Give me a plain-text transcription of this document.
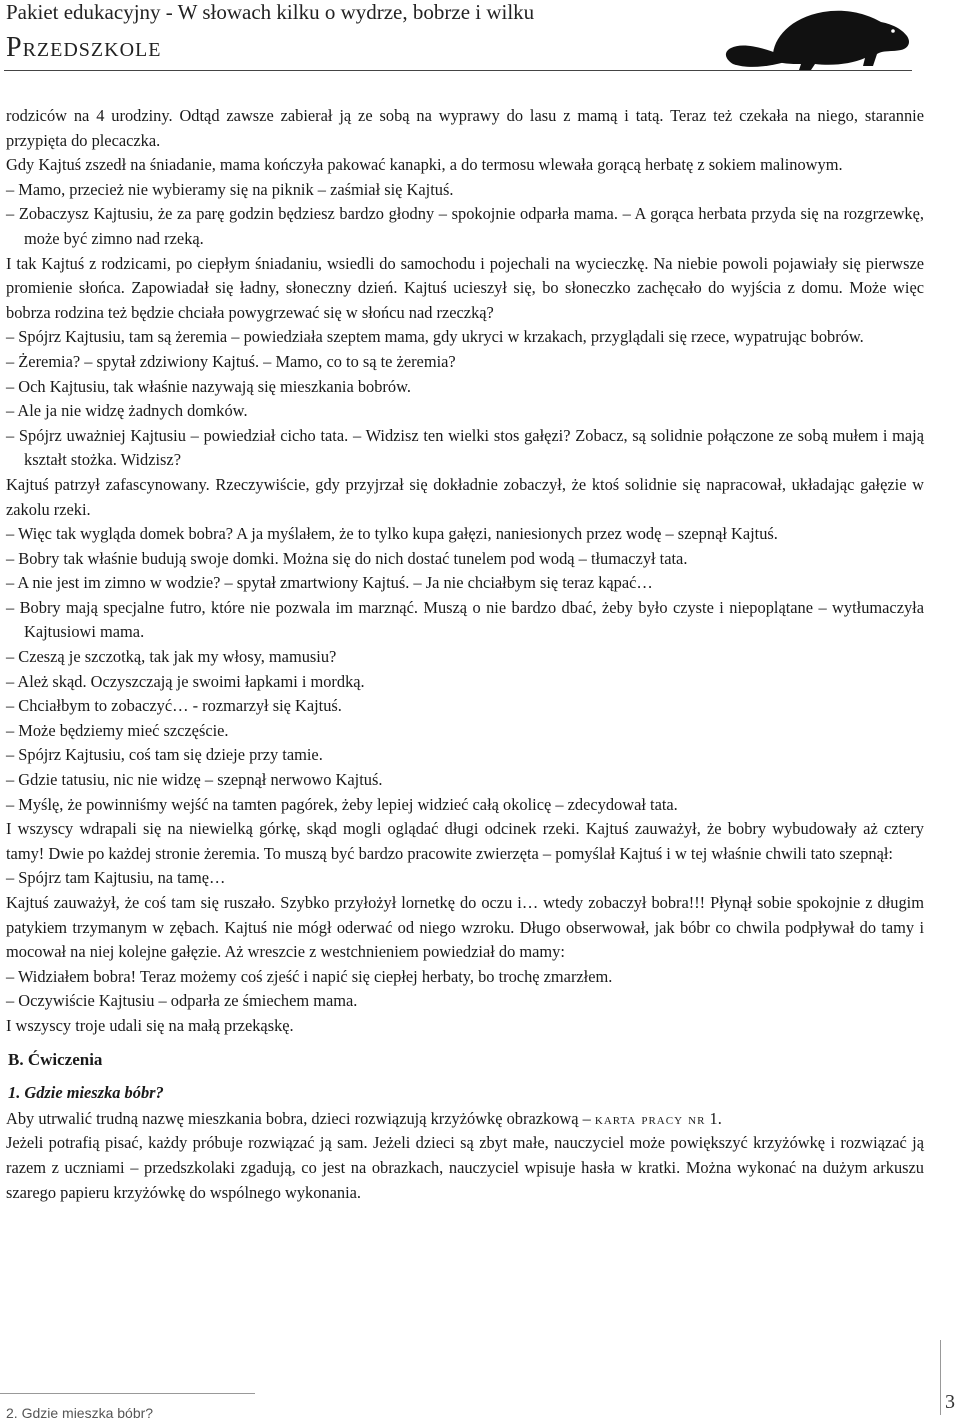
Pakiet edukacyjny - W słowach kilku o wydrze, bobrze i wilku
Przedszkole

rodziców na 4 urodziny. Odtąd zawsze zabierał ją ze sobą na wyprawy do lasu z mamą i tatą. Teraz też czekała na niego, starannie przypięta do plecaczka.

Gdy Kajtuś zszedł na śniadanie, mama kończyła pakować kanapki, a do termosu wlewała gorącą herbatę z sokiem malinowym.

– Mamo, przecież nie wybieramy się na piknik – zaśmiał się Kajtuś.

– Zobaczysz Kajtusiu, że za parę godzin będziesz bardzo głodny – spokojnie odparła mama. – A gorąca herbata przyda się na rozgrzewkę, może być zimno nad rzeką.

I tak Kajtuś z rodzicami, po ciepłym śniadaniu, wsiedli do samochodu i pojechali na wycieczkę. Na niebie powoli pojawiały się pierwsze promienie słońca. Zapowiadał się ładny, słoneczny dzień. Kajtuś ucieszył się, bo słoneczko zachęcało do wyjścia z domu. Może więc bobrza rodzina też będzie chciała powygrzewać się w słońcu nad rzeczką?

– Spójrz Kajtusiu, tam są żeremia – powiedziała szeptem mama, gdy ukryci w krzakach, przyglądali się rzece, wypatrując bobrów.

– Żeremia? – spytał zdziwiony Kajtuś. – Mamo, co to są te żeremia?

– Och Kajtusiu, tak właśnie nazywają się mieszkania bobrów.

– Ale ja nie widzę żadnych domków.

– Spójrz uważniej Kajtusiu – powiedział cicho tata. – Widzisz ten wielki stos gałęzi? Zobacz, są solidnie połączone ze sobą mułem i mają kształt stożka. Widzisz?

Kajtuś patrzył zafascynowany. Rzeczywiście, gdy przyjrzał się dokładnie zobaczył, że ktoś solidnie się napracował, układając gałęzie w zakolu rzeki.

– Więc tak wygląda domek bobra? A ja myślałem, że to tylko kupa gałęzi, naniesionych przez wodę – szepnął Kajtuś.

– Bobry tak właśnie budują swoje domki. Można się do nich dostać tunelem pod wodą – tłumaczył tata.

– A nie jest im zimno w wodzie? – spytał zmartwiony Kajtuś. – Ja nie chciałbym się teraz kąpać…

– Bobry mają specjalne futro, które nie pozwala im marznąć. Muszą o nie bardzo dbać, żeby było czyste i niepoplątane – wytłumaczyła Kajtusiowi mama.

– Czeszą je szczotką, tak jak my włosy, mamusiu?

– Ależ skąd. Oczyszczają je swoimi łapkami i mordką.

– Chciałbym to zobaczyć… - rozmarzył się Kajtuś.

– Może będziemy mieć szczęście.

– Spójrz Kajtusiu, coś tam się dzieje przy tamie.

– Gdzie tatusiu, nic nie widzę – szepnął nerwowo Kajtuś.

– Myślę, że powinniśmy wejść na tamten pagórek, żeby lepiej widzieć całą okolicę – zdecydował tata.

I wszyscy wdrapali się na niewielką górkę, skąd mogli oglądać długi odcinek rzeki. Kajtuś zauważył, że bobry wybudowały aż cztery tamy! Dwie po każdej stronie żeremia. To muszą być bardzo pracowite zwierzęta – pomyślał Kajtuś i w tej właśnie chwili tato szepnął:

– Spójrz tam Kajtusiu, na tamę…

Kajtuś zauważył, że coś tam się ruszało. Szybko przyłożył lornetkę do oczu i… wtedy zobaczył bobra!!! Płynął sobie spokojnie z długim patykiem trzymanym w zębach. Kajtuś nie mógł oderwać od niego wzroku. Długo obserwował, jak bóbr co chwila podpływał do tamy i mocował na niej kolejne gałęzie. Aż wreszcie z westchnieniem powiedział do mamy:

– Widziałem bobra! Teraz możemy coś zjeść i napić się ciepłej herbaty, bo trochę zmarzłem.

– Oczywiście Kajtusiu – odparła ze śmiechem mama.

I wszyscy troje udali się na małą przekąskę.

B. Ćwiczenia

1. Gdzie mieszka bóbr?

Aby utrwalić trudną nazwę mieszkania bobra, dzieci rozwiązują krzyżówkę obrazkową – karta pracy nr 1.

Jeżeli potrafią pisać, każdy próbuje rozwiązać ją sam. Jeżeli dzieci są zbyt małe, nauczyciel może powiększyć krzyżówkę i rozwiązać ją razem z uczniami – przedszkolaki zgadują, co jest na obrazkach, nauczyciel wpisuje hasła w kratki. Można wykonać na dużym arkuszu szarego papieru krzyżówkę do wspólnego wykonania.

2. Gdzie mieszka bóbr?	3
